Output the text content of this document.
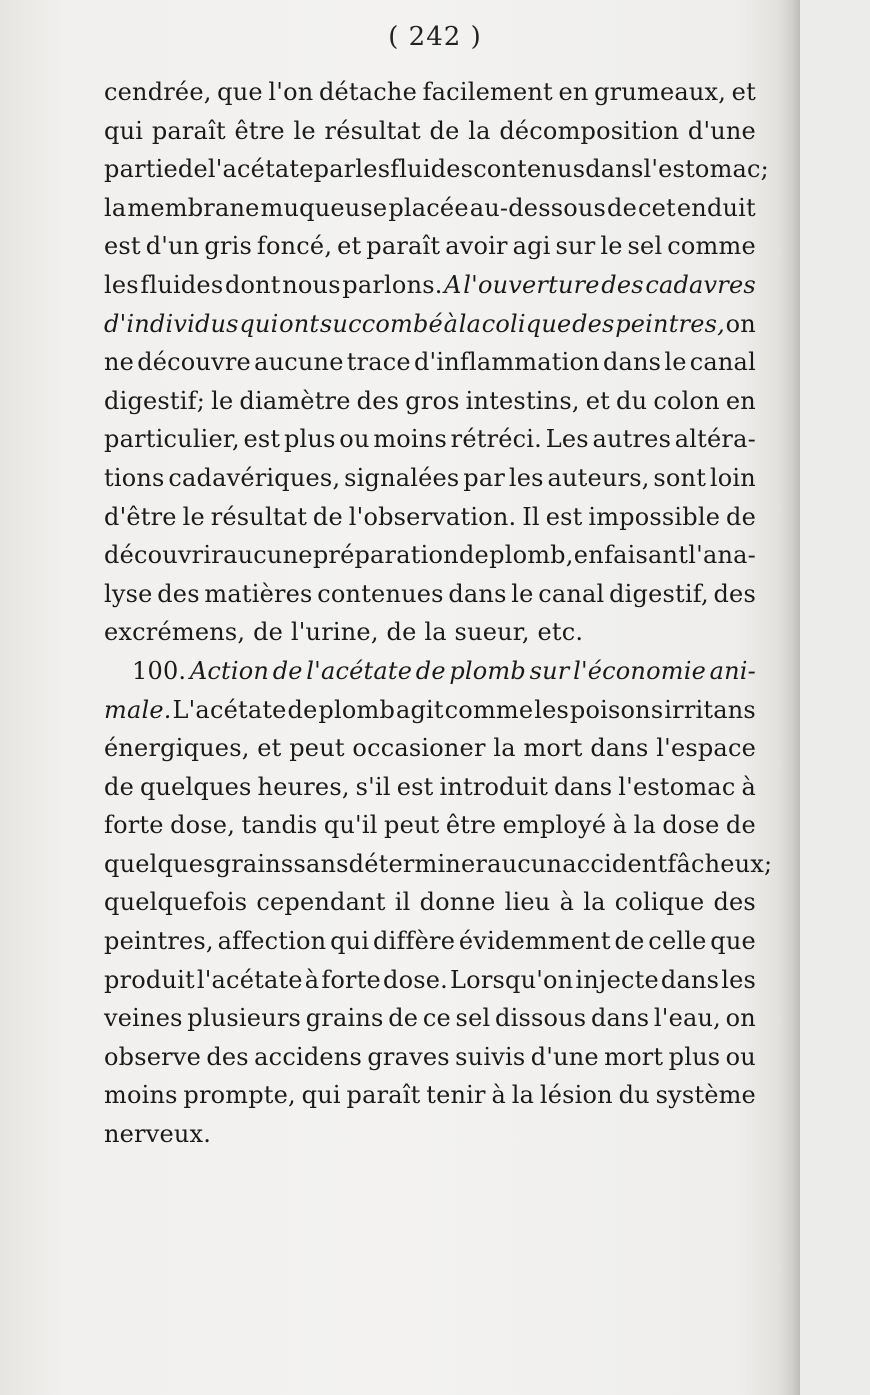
( 242 )
cendrée, que l'on détache facilement en grumeaux, et
qui paraît être le résultat de la décomposition d'une
partie de l'acétate par les fluides contenus dans l'estomac;
la membrane muqueuse placée au-dessous de cet enduit
est d'un gris foncé, et paraît avoir agi sur le sel comme
les fluides dont nous parlons. A l'ouverture des cadavres
d'individus qui ont succombé à la colique des peintres, on
ne découvre aucune trace d'inflammation dans le canal
digestif; le diamètre des gros intestins, et du colon en
particulier, est plus ou moins rétréci. Les autres altéra-
tions cadavériques, signalées par les auteurs, sont loin
d'être le résultat de l'observation. Il est impossible de
découvrir aucune préparation de plomb, en faisant l'ana-
lyse des matières contenues dans le canal digestif, des
excrémens, de l'urine, de la sueur, etc.
100. Action de l'acétate de plomb sur l'économie ani-
male. L'acétate de plomb agit comme les poisons irritans
énergiques, et peut occasioner la mort dans l'espace
de quelques heures, s'il est introduit dans l'estomac à
forte dose, tandis qu'il peut être employé à la dose de
quelques grains sans déterminer aucun accident fâcheux;
quelquefois cependant il donne lieu à la colique des
peintres, affection qui diffère évidemment de celle que
produit l'acétate à forte dose. Lorsqu'on injecte dans les
veines plusieurs grains de ce sel dissous dans l'eau, on
observe des accidens graves suivis d'une mort plus ou
moins prompte, qui paraît tenir à la lésion du système
nerveux.
